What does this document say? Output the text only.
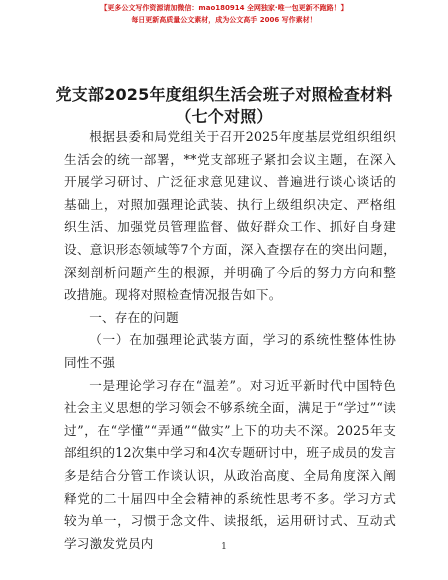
【更多公文写作资源请加微信：mao180914 全网独家·唯一包更新不跑路！】
每日更新高质量公文素材，成为公文高手 2006 写作素材！
党支部2025年度组织生活会班子对照检查材料
（七个对照）

根据县委和局党组关于召开2025年度基层党组织组织生活会的统一部署，**党支部班子紧扣会议主题，在深入开展学习研讨、广泛征求意见建议、普遍进行谈心谈话的基础上，对照加强理论武装、执行上级组织决定、严格组织生活、加强党员管理监督、做好群众工作、抓好自身建设、意识形态领域等7个方面，深入查摆存在的突出问题，深刻剖析问题产生的根源，并明确了今后的努力方向和整改措施。现将对照检查情况报告如下。

一、存在的问题

（一）在加强理论武装方面，学习的系统性整体性协同性不强

一是理论学习存在“温差”。对习近平新时代中国特色社会主义思想的学习领会不够系统全面，满足于“学过”“读过”，在“学懂”“弄通”“做实”上下的功夫不深。2025年支部组织的12次集中学习和4次专题研讨中，班子成员的发言多是结合分管工作谈认识，从政治高度、全局角度深入阐释党的二十届四中全会精神的系统性思考不多。学习方式较为单一，习惯于念文件、读报纸，运用研讨式、互动式学习激发党员内	1
